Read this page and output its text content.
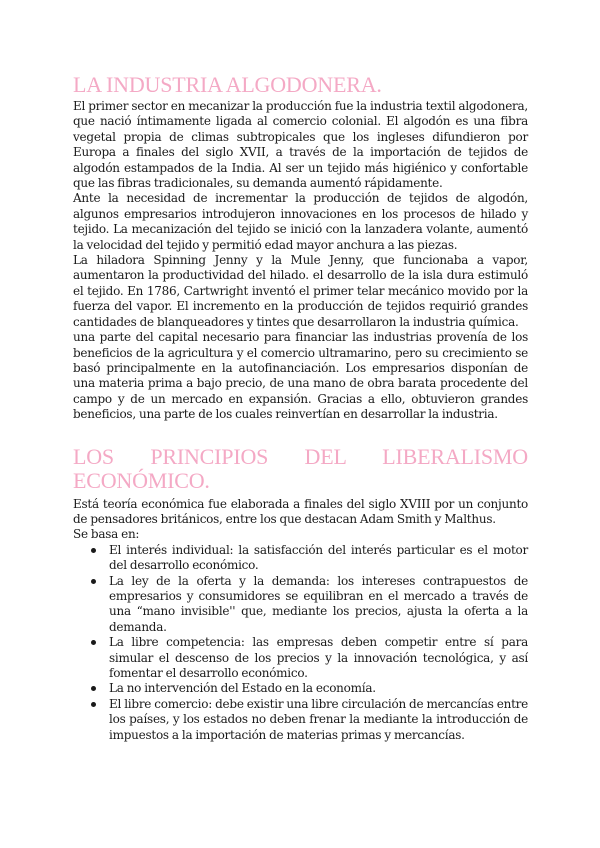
LA INDUSTRIA ALGODONERA.

El primer sector en mecanizar la producción fue la industria textil algodonera, que nació íntimamente ligada al comercio colonial. El algodón es una fibra vegetal propia de climas subtropicales que los ingleses difundieron por Europa a finales del siglo XVII, a través de la importación de tejidos de algodón estampados de la India. Al ser un tejido más higiénico y confortable que las fibras tradicionales, su demanda aumentó rápidamente.

Ante la necesidad de incrementar la producción de tejidos de algodón, algunos empresarios introdujeron innovaciones en los procesos de hilado y tejido. La mecanización del tejido se inició con la lanzadera volante, aumentó la velocidad del tejido y permitió edad mayor anchura a las piezas.

La hiladora Spinning Jenny y la Mule Jenny, que funcionaba a vapor, aumentaron la productividad del hilado. el desarrollo de la isla dura estimuló el tejido. En 1786, Cartwright inventó el primer telar mecánico movido por la fuerza del vapor. El incremento en la producción de tejidos requirió grandes cantidades de blanqueadores y tintes que desarrollaron la industria química.

una parte del capital necesario para financiar las industrias provenía de los beneficios de la agricultura y el comercio ultramarino, pero su crecimiento se basó principalmente en la autofinanciación. Los empresarios disponían de una materia prima a bajo precio, de una mano de obra barata procedente del campo y de un mercado en expansión. Gracias a ello, obtuvieron grandes beneficios, una parte de los cuales reinvertían en desarrollar la industria.

LOS PRINCIPIOS DEL LIBERALISMO ECONÓMICO.

Está teoría económica fue elaborada a finales del siglo XVIII por un conjunto de pensadores británicos, entre los que destacan Adam Smith y Malthus.

Se basa en:

El interés individual: la satisfacción del interés particular es el motor del desarrollo económico.
La ley de la oferta y la demanda: los intereses contrapuestos de empresarios y consumidores se equilibran en el mercado a través de una “mano invisible'' que, mediante los precios, ajusta la oferta a la demanda.
La libre competencia: las empresas deben competir entre sí para simular el descenso de los precios y la innovación tecnológica, y así fomentar el desarrollo económico.
La no intervención del Estado en la economía.
El libre comercio: debe existir una libre circulación de mercancías entre los países, y los estados no deben frenar la mediante la introducción de impuestos a la importación de materias primas y mercancías.
